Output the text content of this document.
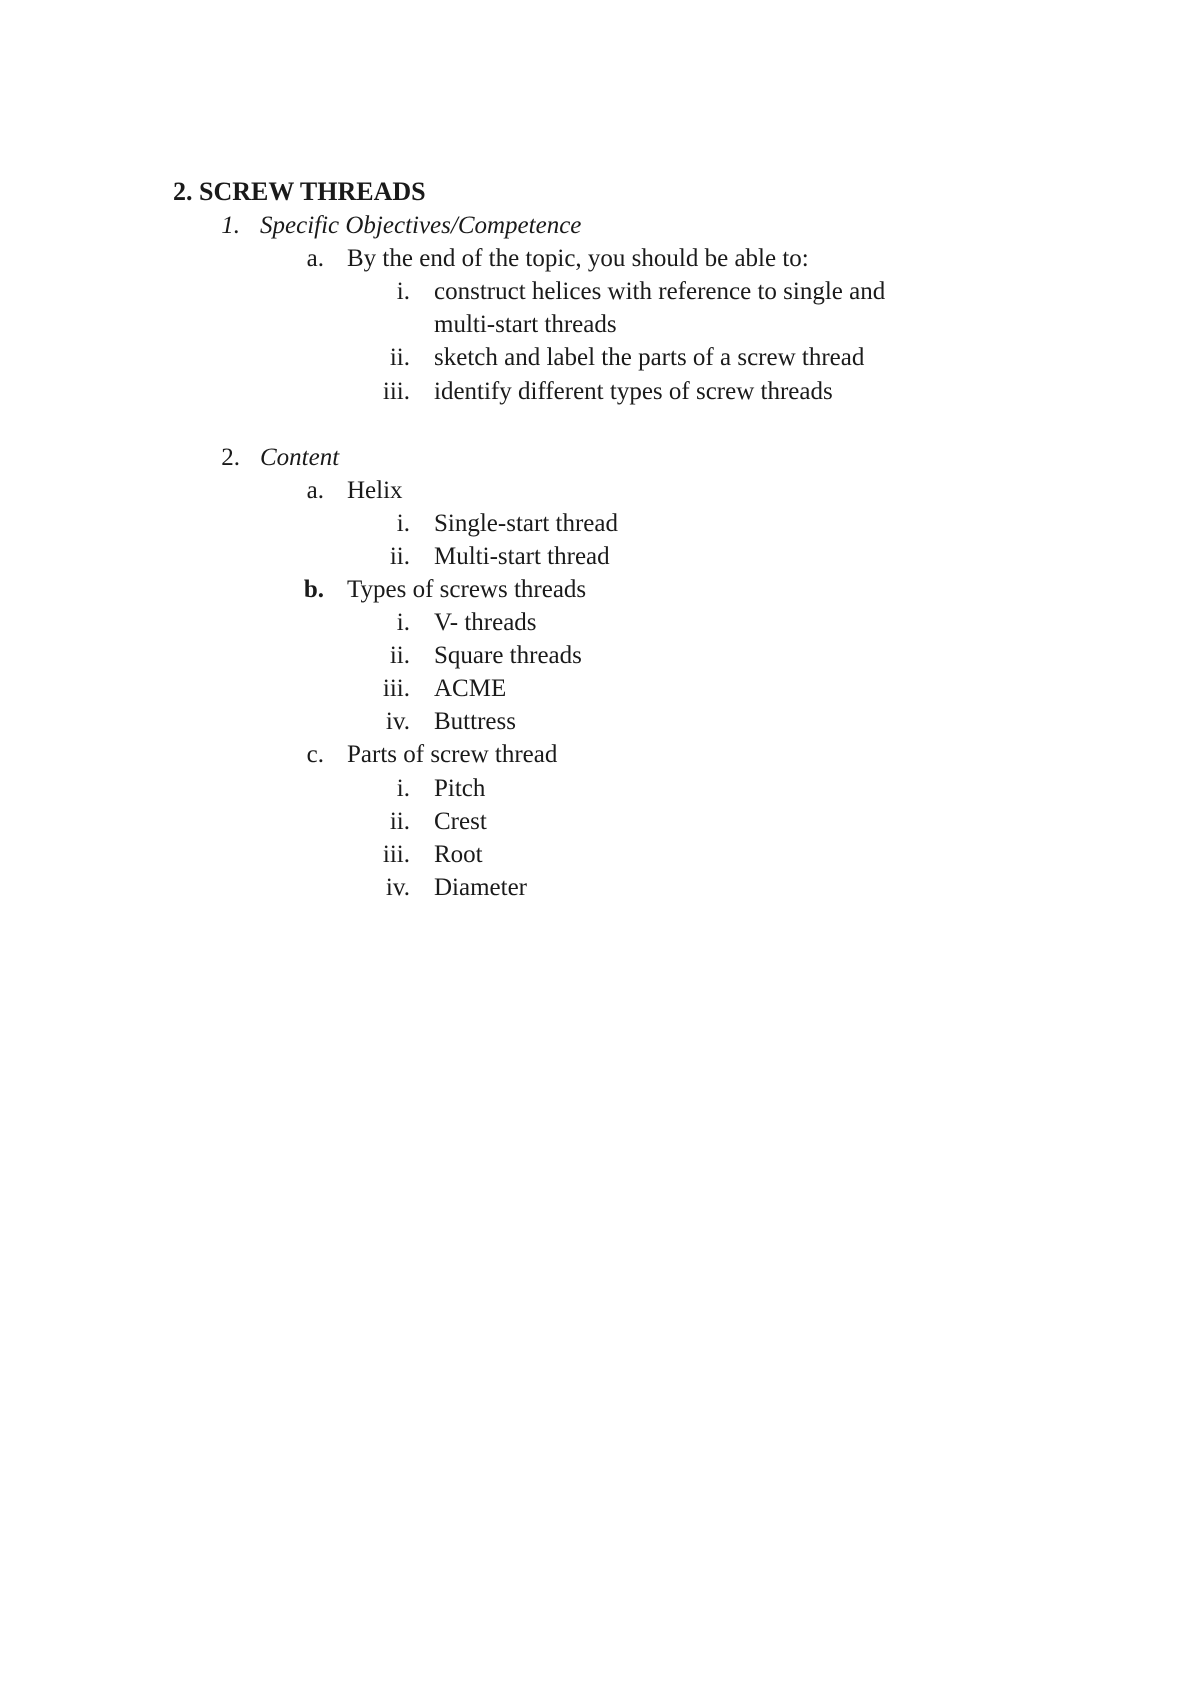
2. SCREW THREADS
1. Specific Objectives/Competence
a. By the end of the topic, you should be able to:
i. construct helices with reference to single and
multi-start threads
ii. sketch and label the parts of a screw thread
iii. identify different types of screw threads
2. Content
a. Helix
i. Single-start thread
ii. Multi-start thread
b. Types of screws threads
i. V- threads
ii. Square threads
iii. ACME
iv. Buttress
c. Parts of screw thread
i. Pitch
ii. Crest
iii. Root
iv. Diameter
